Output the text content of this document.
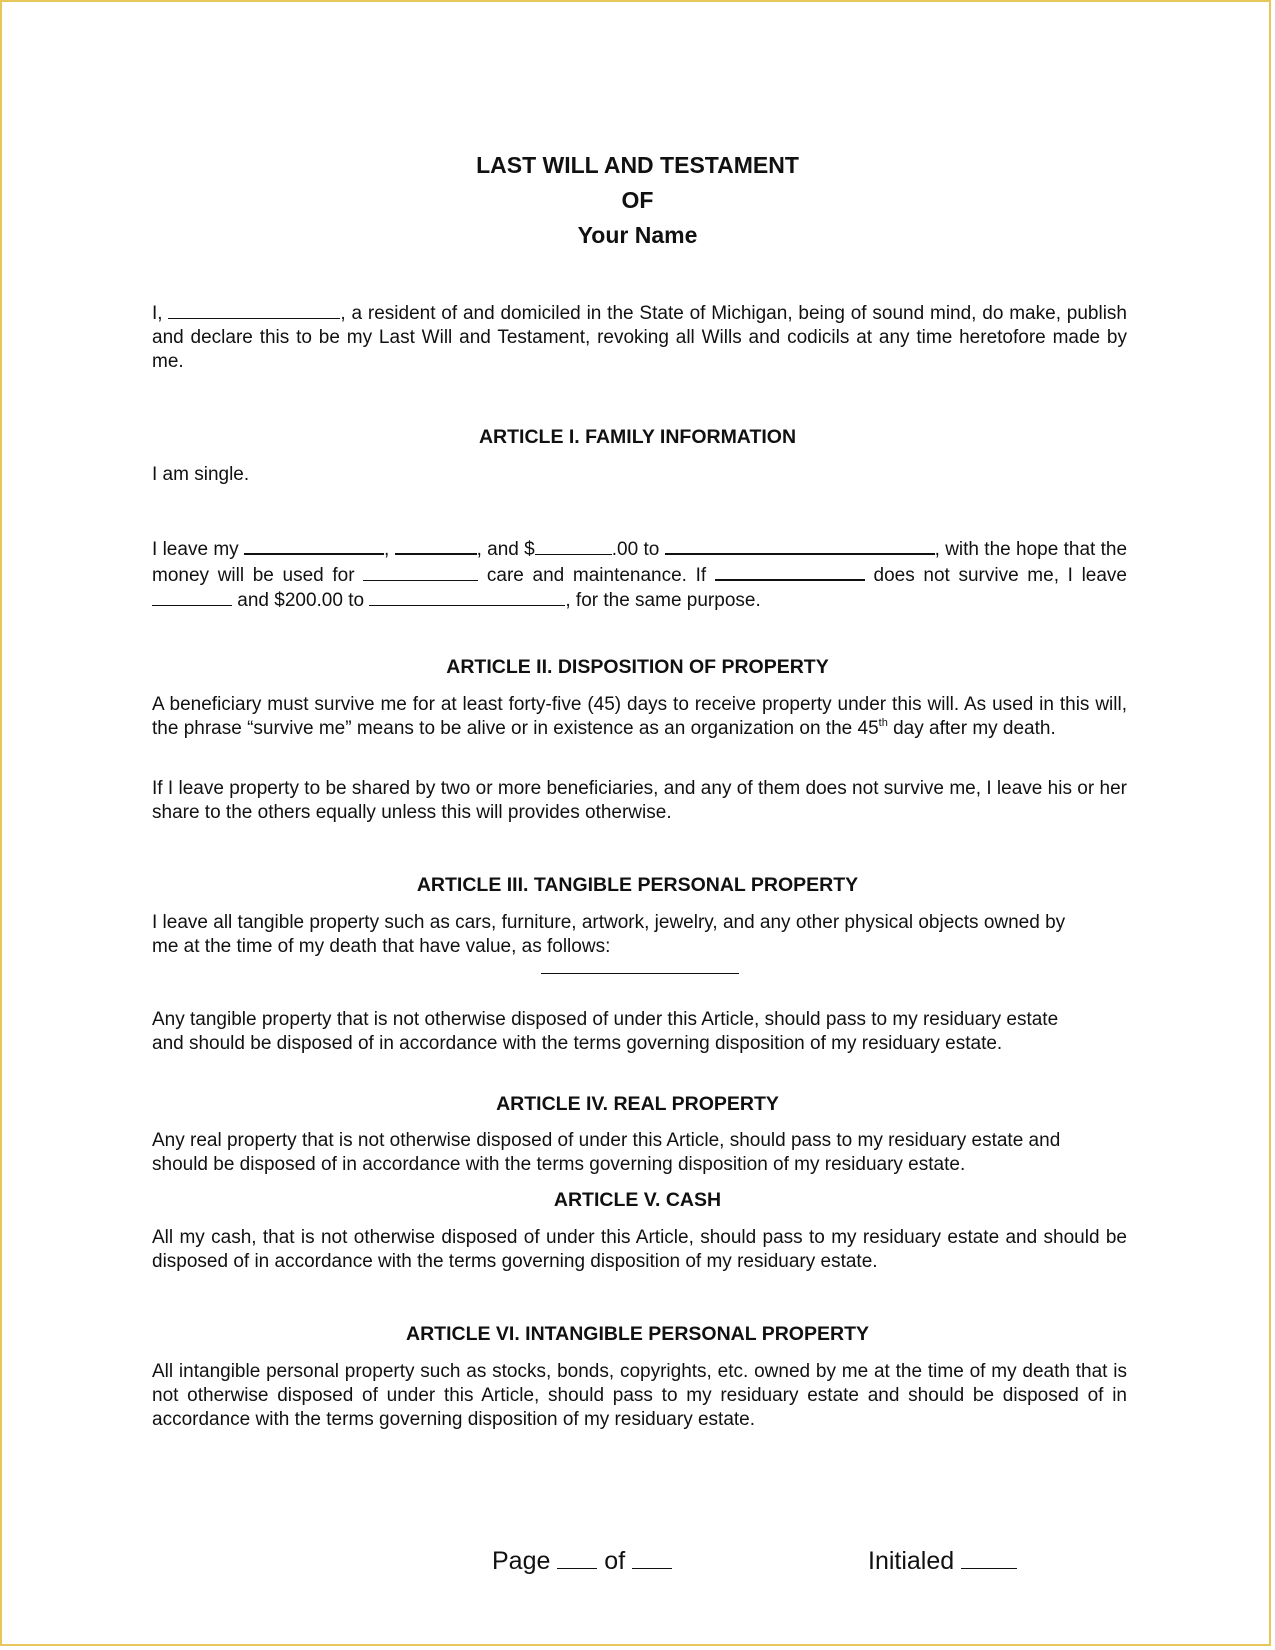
LAST WILL AND TESTAMENT
OF
Your Name

I,	, a resident of and domiciled in the State of Michigan, being of sound mind, do make, publish and declare this to be my Last Will and Testament, revoking all Wills and codicils at any time heretofore made by me.

ARTICLE I. FAMILY INFORMATION

I am single.

I leave my	,	, and $	.00 to	, with the hope that the money will be used for	care and maintenance. If	does not survive me, I leave  and $200.00 to	, for the same purpose.

ARTICLE II. DISPOSITION OF PROPERTY

A beneficiary must survive me for at least forty-five (45) days to receive property under this will. As used in this will, the phrase “survive me” means to be alive or in existence as an organization on the 45th day after my death.

If I leave property to be shared by two or more beneficiaries, and any of them does not survive me, I leave his or her share to the others equally unless this will provides otherwise.

ARTICLE III. TANGIBLE PERSONAL PROPERTY

I leave all tangible property such as cars, furniture, artwork, jewelry, and any other physical objects owned by me at the time of my death that have value, as follows:

Any tangible property that is not otherwise disposed of under this Article, should pass to my residuary estate and should be disposed of in accordance with the terms governing disposition of my residuary estate.

ARTICLE IV. REAL PROPERTY

Any real property that is not otherwise disposed of under this Article, should pass to my residuary estate and should be disposed of in accordance with the terms governing disposition of my residuary estate.

ARTICLE V. CASH

All my cash, that is not otherwise disposed of under this Article, should pass to my residuary estate and should be disposed of in accordance with the terms governing disposition of my residuary estate.

ARTICLE VI. INTANGIBLE PERSONAL PROPERTY

All intangible personal property such as stocks, bonds, copyrights, etc. owned by me at the time of my death that is not otherwise disposed of under this Article, should pass to my residuary estate and should be disposed of in accordance with the terms governing disposition of my residuary estate.

Page of	Initialed
